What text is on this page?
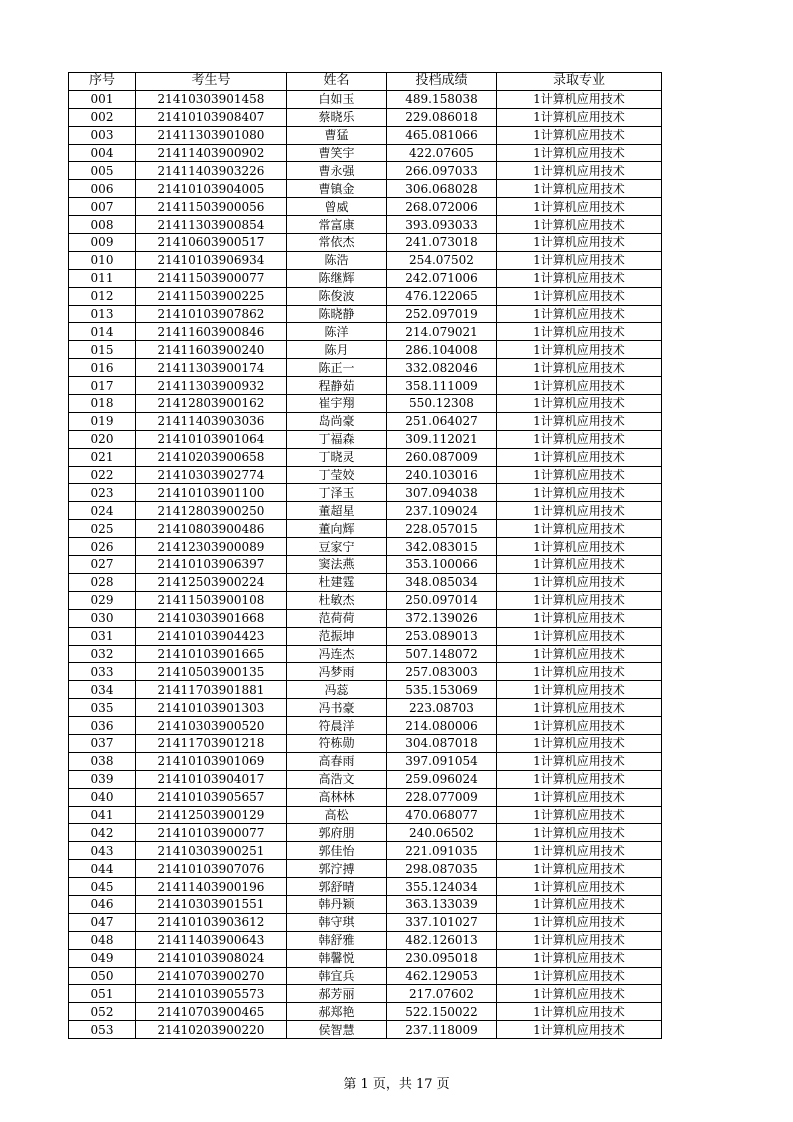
序号	考生号	姓名	投档成绩	录取专业
001	21410303901458	白如玉	489.158038	1计算机应用技术
002	21410103908407	蔡晓乐	229.086018	1计算机应用技术
003	21411303901080	曹猛	465.081066	1计算机应用技术
004	21411403900902	曹笑宇	422.07605	1计算机应用技术
005	21411403903226	曹永强	266.097033	1计算机应用技术
006	21410103904005	曹镇金	306.068028	1计算机应用技术
007	21411503900056	曾威	268.072006	1计算机应用技术
008	21411303900854	常富康	393.093033	1计算机应用技术
009	21410603900517	常依杰	241.073018	1计算机应用技术
010	21410103906934	陈浩	254.07502	1计算机应用技术
011	21411503900077	陈继辉	242.071006	1计算机应用技术
012	21411503900225	陈俊波	476.122065	1计算机应用技术
013	21410103907862	陈晓静	252.097019	1计算机应用技术
014	21411603900846	陈洋	214.079021	1计算机应用技术
015	21411603900240	陈月	286.104008	1计算机应用技术
016	21411303900174	陈正一	332.082046	1计算机应用技术
017	21411303900932	程静茹	358.111009	1计算机应用技术
018	21412803900162	崔宇翔	550.12308	1计算机应用技术
019	21411403903036	岛尚豪	251.064027	1计算机应用技术
020	21410103901064	丁福森	309.112021	1计算机应用技术
021	21410203900658	丁晓灵	260.087009	1计算机应用技术
022	21410303902774	丁莹姣	240.103016	1计算机应用技术
023	21410103901100	丁泽玉	307.094038	1计算机应用技术
024	21412803900250	董超星	237.109024	1计算机应用技术
025	21410803900486	董向辉	228.057015	1计算机应用技术
026	21412303900089	豆家宁	342.083015	1计算机应用技术
027	21410103906397	窦法燕	353.100066	1计算机应用技术
028	21412503900224	杜建霆	348.085034	1计算机应用技术
029	21411503900108	杜敏杰	250.097014	1计算机应用技术
030	21410303901668	范荷荷	372.139026	1计算机应用技术
031	21410103904423	范振坤	253.089013	1计算机应用技术
032	21410103901665	冯连杰	507.148072	1计算机应用技术
033	21410503900135	冯梦雨	257.083003	1计算机应用技术
034	21411703901881	冯蕊	535.153069	1计算机应用技术
035	21410103901303	冯书豪	223.08703	1计算机应用技术
036	21410303900520	符晨洋	214.080006	1计算机应用技术
037	21411703901218	符栋勋	304.087018	1计算机应用技术
038	21410103901069	高春雨	397.091054	1计算机应用技术
039	21410103904017	高浩文	259.096024	1计算机应用技术
040	21410103905657	高林林	228.077009	1计算机应用技术
041	21412503900129	高松	470.068077	1计算机应用技术
042	21410103900077	郭府朋	240.06502	1计算机应用技术
043	21410303900251	郭佳怡	221.091035	1计算机应用技术
044	21410103907076	郭泞搏	298.087035	1计算机应用技术
045	21411403900196	郭舒晴	355.124034	1计算机应用技术
046	21410303901551	韩丹颖	363.133039	1计算机应用技术
047	21410103903612	韩守琪	337.101027	1计算机应用技术
048	21411403900643	韩舒雅	482.126013	1计算机应用技术
049	21410103908024	韩馨悦	230.095018	1计算机应用技术
050	21410703900270	韩宜兵	462.129053	1计算机应用技术
051	21410103905573	郝芳丽	217.07602	1计算机应用技术
052	21410703900465	郝郑艳	522.150022	1计算机应用技术
053	21410203900220	侯智慧	237.118009	1计算机应用技术
第 1 页，共 17 页
